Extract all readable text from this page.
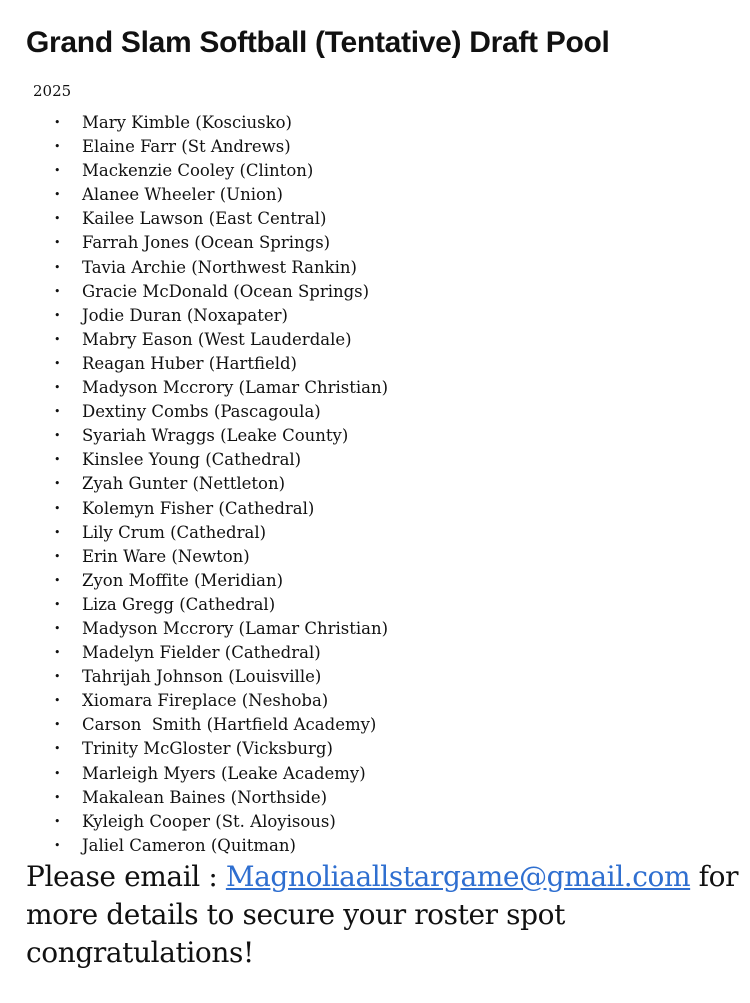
Grand Slam Softball (Tentative) Draft Pool
2025
• Mary Kimble (Kosciusko)
• Elaine Farr (St Andrews)
• Mackenzie Cooley (Clinton)
• Alanee Wheeler (Union)
• Kailee Lawson (East Central)
• Farrah Jones (Ocean Springs)
• Tavia Archie (Northwest Rankin)
• Gracie McDonald (Ocean Springs)
• Jodie Duran (Noxapater)
• Mabry Eason (West Lauderdale)
• Reagan Huber (Hartfield)
• Madyson Mccrory (Lamar Christian)
• Dextiny Combs (Pascagoula)
• Syariah Wraggs (Leake County)
• Kinslee Young (Cathedral)
• Zyah Gunter (Nettleton)
• Kolemyn Fisher (Cathedral)
• Lily Crum (Cathedral)
• Erin Ware (Newton)
• Zyon Moffite (Meridian)
• Liza Gregg (Cathedral)
• Madyson Mccrory (Lamar Christian)
• Madelyn Fielder (Cathedral)
• Tahrijah Johnson (Louisville)
• Xiomara Fireplace (Neshoba)
• Carson  Smith (Hartfield Academy)
• Trinity McGloster (Vicksburg)
• Marleigh Myers (Leake Academy)
• Makalean Baines (Northside)
• Kyleigh Cooper (St. Aloyisous)
• Jaliel Cameron (Quitman)
Please email : Magnoliaallstargame@gmail.com for more details to secure your roster spot congratulations!
